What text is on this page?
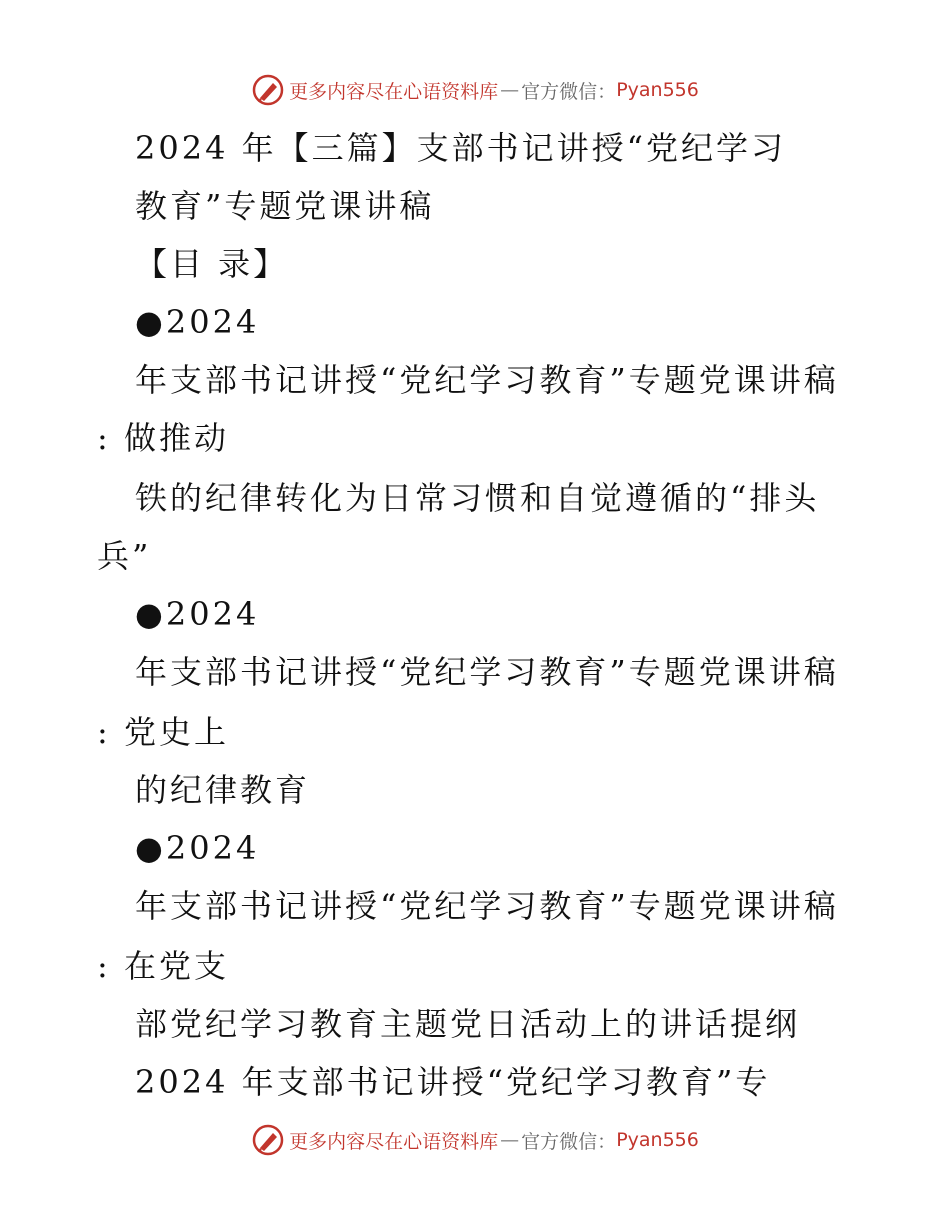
更多内容尽在心语资料库 — 官方微信： Pyan556
2024 年【三篇】支部书记讲授“党纪学习
教育”专题党课讲稿
【目 录】
●2024
年支部书记讲授“党纪学习教育”专题党课讲稿
: 做推动
铁的纪律转化为日常习惯和自觉遵循的“排头
兵”
●2024
年支部书记讲授“党纪学习教育”专题党课讲稿
: 党史上
的纪律教育
●2024
年支部书记讲授“党纪学习教育”专题党课讲稿
: 在党支
部党纪学习教育主题党日活动上的讲话提纲
2024 年支部书记讲授“党纪学习教育”专
更多内容尽在心语资料库 — 官方微信： Pyan556
